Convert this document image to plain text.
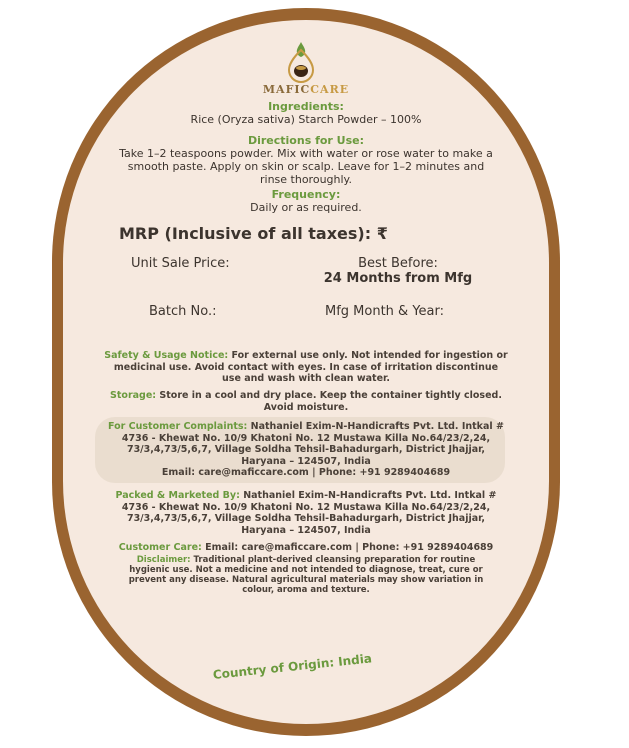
MAFICCARE
Ingredients:
Rice (Oryza sativa) Starch Powder – 100%
Directions for Use:
Take 1–2 teaspoons powder. Mix with water or rose water to make a smooth paste. Apply on skin or scalp. Leave for 1–2 minutes and rinse thoroughly.
Frequency:
Daily or as required.
MRP (Inclusive of all taxes): ₹
Unit Sale Price:	Best Before:
24 Months from Mfg
Batch No.:	Mfg Month & Year:
Safety & Usage Notice: For external use only. Not intended for ingestion or medicinal use. Avoid contact with eyes. In case of irritation discontinue use and wash with clean water.
Storage: Store in a cool and dry place. Keep the container tightly closed. Avoid moisture.
For Customer Complaints: Nathaniel Exim-N-Handicrafts Pvt. Ltd. Intkal # 4736 - Khewat No. 10/9 Khatoni No. 12 Mustawa Killa No.64/23/2,24, 73/3,4,73/5,6,7, Village Soldha Tehsil-Bahadurgarh, District Jhajjar, Haryana – 124507, India
Email: care@maficcare.com | Phone: +91 9289404689
Packed & Marketed By: Nathaniel Exim-N-Handicrafts Pvt. Ltd. Intkal # 4736 - Khewat No. 10/9 Khatoni No. 12 Mustawa Killa No.64/23/2,24, 73/3,4,73/5,6,7, Village Soldha Tehsil-Bahadurgarh, District Jhajjar, Haryana – 124507, India
Customer Care: Email: care@maficcare.com | Phone: +91 9289404689
Disclaimer: Traditional plant-derived cleansing preparation for routine hygienic use. Not a medicine and not intended to diagnose, treat, cure or prevent any disease. Natural agricultural materials may show variation in colour, aroma and texture.
Country of Origin: India
